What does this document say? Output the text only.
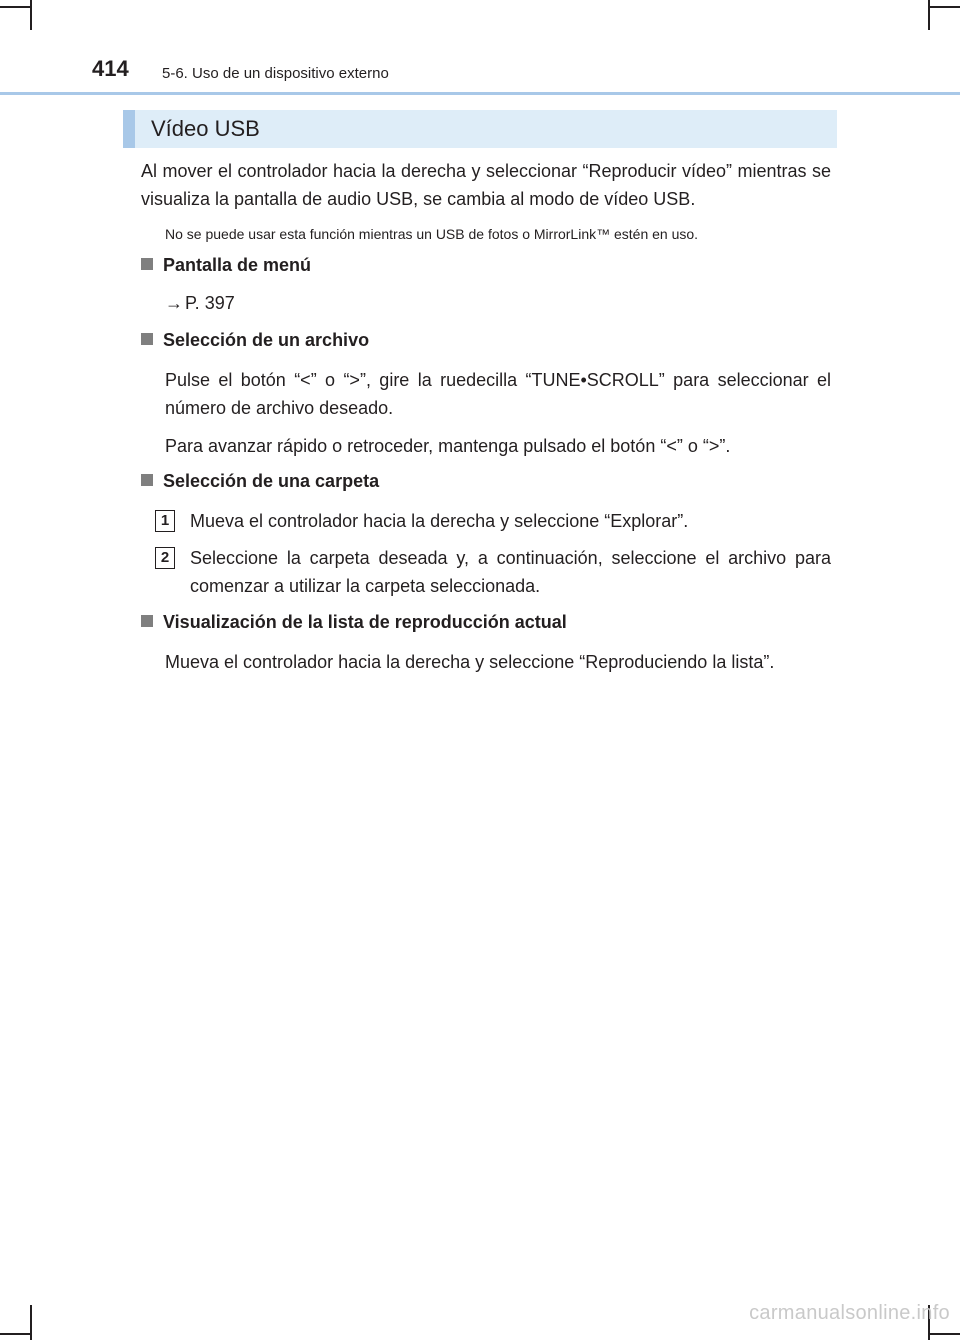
414 5-6. Uso de un dispositivo externo
Vídeo USB

Al mover el controlador hacia la derecha y seleccionar “Reproducir vídeo” mientras se visualiza la pantalla de audio USB, se cambia al modo de vídeo USB.

No se puede usar esta función mientras un USB de fotos o MirrorLink™ estén en uso.

Pantalla de menú

→ P. 397

Selección de un archivo

Pulse el botón “<” o “>”, gire la ruedecilla “TUNE•SCROLL” para seleccionar el número de archivo deseado.

Para avanzar rápido o retroceder, mantenga pulsado el botón “<” o “>”.

Selección de una carpeta
1	Mueva el controlador hacia la derecha y seleccione “Explorar”.

2	Seleccione la carpeta deseada y, a continuación, seleccione el archivo para comenzar a utilizar la carpeta seleccionada.

Visualización de la lista de reproducción actual

Mueva el controlador hacia la derecha y seleccione “Reproduciendo la lista”.

carmanualsonline.info
